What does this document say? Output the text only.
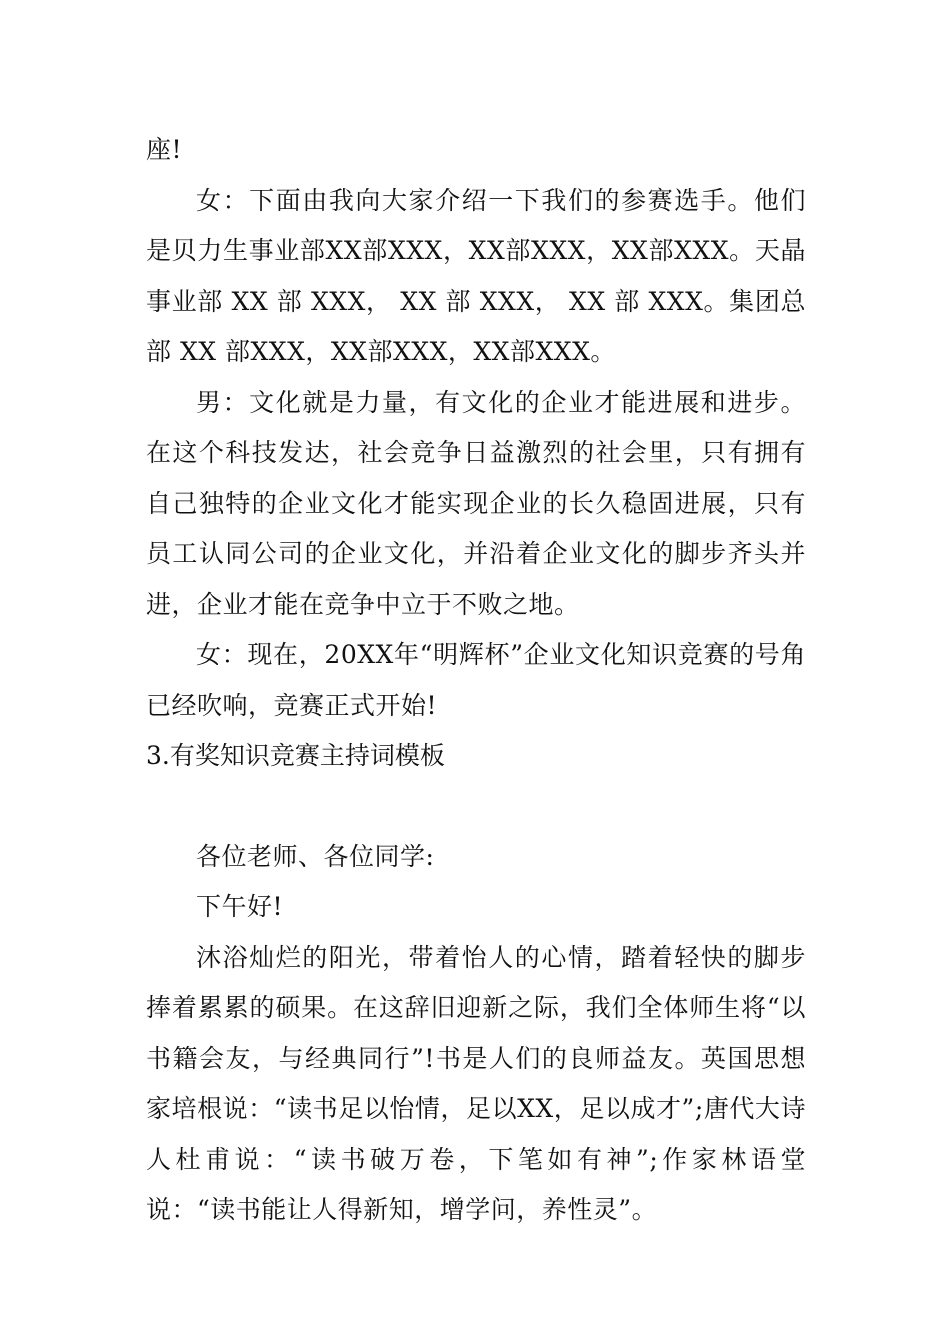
座!

女：下面由我向大家介绍一下我们的参赛选手。他们是贝力生事业部XX部XXX，XX部XXX，XX部XXX。天晶事业部 XX 部 XXX， XX 部 XXX， XX 部 XXX。集团总部 XX 部XXX，XX部XXX，XX部XXX。

男：文化就是力量，有文化的企业才能进展和进步。在这个科技发达，社会竞争日益激烈的社会里，只有拥有自己独特的企业文化才能实现企业的长久稳固进展，只有员工认同公司的企业文化，并沿着企业文化的脚步齐头并进，企业才能在竞争中立于不败之地。

女：现在，20XX年“明辉杯”企业文化知识竞赛的号角已经吹响，竞赛正式开始!

3.有奖知识竞赛主持词模板

各位老师、各位同学:

下午好!

沐浴灿烂的阳光，带着怡人的心情，踏着轻快的脚步捧着累累的硕果。在这辞旧迎新之际，我们全体师生将“以书籍会友，与经典同行”!书是人们的良师益友。英国思想家培根说：“读书足以怡情，足以XX，足以成才”;唐代大诗人杜甫说：“读书破万卷，下笔如有神”;作家林语堂说：“读书能让人得新知，增学问，养性灵”。
